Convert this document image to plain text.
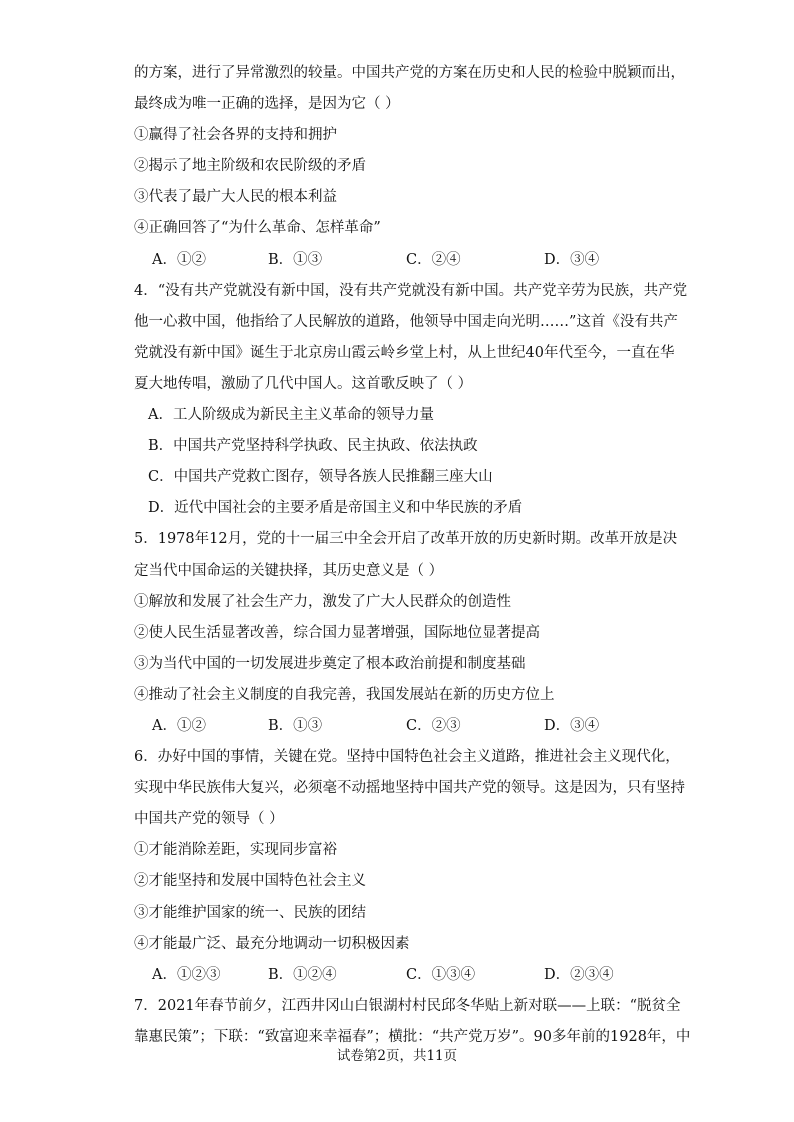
的方案，进行了异常激烈的较量。中国共产党的方案在历史和人民的检验中脱颖而出，
最终成为唯一正确的选择，是因为它（ ）
①赢得了社会各界的支持和拥护
②揭示了地主阶级和农民阶级的矛盾
③代表了最广大人民的根本利益
④正确回答了“为什么革命、怎样革命”
A．①②	B．①③	C．②④	D．③④
4．“没有共产党就没有新中国，没有共产党就没有新中国。共产党辛劳为民族，共产党
他一心救中国，他指给了人民解放的道路，他领导中国走向光明……”这首《没有共产
党就没有新中国》诞生于北京房山霞云岭乡堂上村，从上世纪40年代至今，一直在华
夏大地传唱，激励了几代中国人。这首歌反映了（ ）
A．工人阶级成为新民主主义革命的领导力量
B．中国共产党坚持科学执政、民主执政、依法执政
C．中国共产党救亡图存，领导各族人民推翻三座大山
D．近代中国社会的主要矛盾是帝国主义和中华民族的矛盾
5．1978年12月，党的十一届三中全会开启了改革开放的历史新时期。改革开放是决
定当代中国命运的关键抉择，其历史意义是（ ）
①解放和发展了社会生产力，激发了广大人民群众的创造性
②使人民生活显著改善，综合国力显著增强，国际地位显著提高
③为当代中国的一切发展进步奠定了根本政治前提和制度基础
④推动了社会主义制度的自我完善，我国发展站在新的历史方位上
A．①②	B．①③	C．②③	D．③④
6．办好中国的事情，关键在党。坚持中国特色社会主义道路，推进社会主义现代化，
实现中华民族伟大复兴，必须毫不动摇地坚持中国共产党的领导。这是因为，只有坚持
中国共产党的领导（ ）
①才能消除差距，实现同步富裕
②才能坚持和发展中国特色社会主义
③才能维护国家的统一、民族的团结
④才能最广泛、最充分地调动一切积极因素
A．①②③	B．①②④	C．①③④	D．②③④
7．2021年春节前夕，江西井冈山白银湖村村民邱冬华贴上新对联——上联：“脱贫全
靠惠民策”；下联：“致富迎来幸福春”；横批：“共产党万岁”。90多年前的1928年，中
试卷第2页，共11页
